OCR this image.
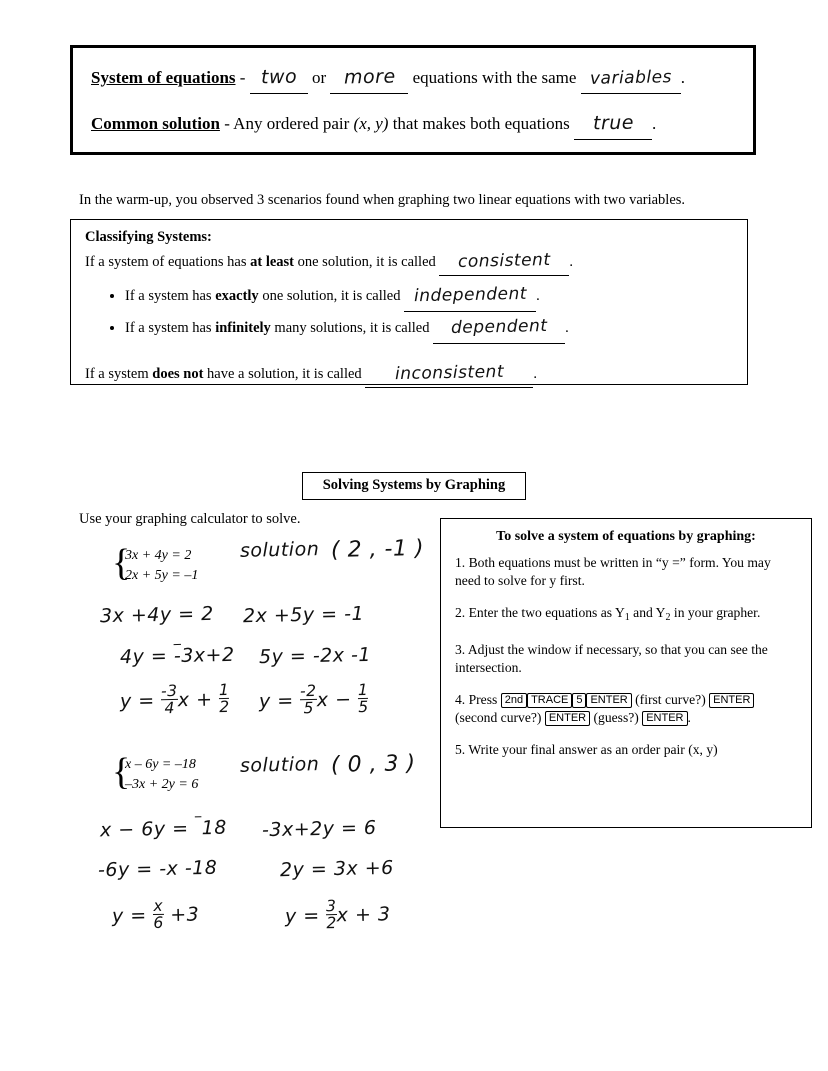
System of equations - two or more equations with the same variables .
Common solution - Any ordered pair (x, y) that makes both equations true .
In the warm-up, you observed 3 scenarios found when graphing two linear equations with two variables.
Classifying Systems:
If a system of equations has at least one solution, it is called consistent .
• If a system has exactly one solution, it is called independent .
• If a system has infinitely many solutions, it is called dependent .
If a system does not have a solution, it is called inconsistent .
Solving Systems by Graphing
Use your graphing calculator to solve.
To solve a system of equations by graphing:

1. Both equations must be written in “y =” form. You may need to solve for y first.

2. Enter the two equations as $Y_1$ and $Y_2$ in your grapher.

3. Adjust the window if necessary, so that you can see the intersection.

4. Press 2nd TRACE 5 ENTER (first curve?) ENTER (second curve?) ENTER (guess?) ENTER .

5. Write your final answer as an order pair (x, y)

{
3x + 4y = 2
2x + 5y = –1
solution ( 2 , -1 )
3x +4y = 2
4y = -3x+2
$y = \frac{-3}{4}$ $x + \frac{1}{2}$
2x +5y = -1
5y = -2x -1
$y = \frac{-2}{5}$ $x - \frac{1}{5}$
{
x – 6y = –18
–3x + 2y = 6
solution ( 0 , 3 )
x − 6y =  18
-6y = -x -18
$y = \frac{x}{6} +3$
-3x+2y = 6
2y = 3x +6
$y = \frac{3}{2}$ x + 3
